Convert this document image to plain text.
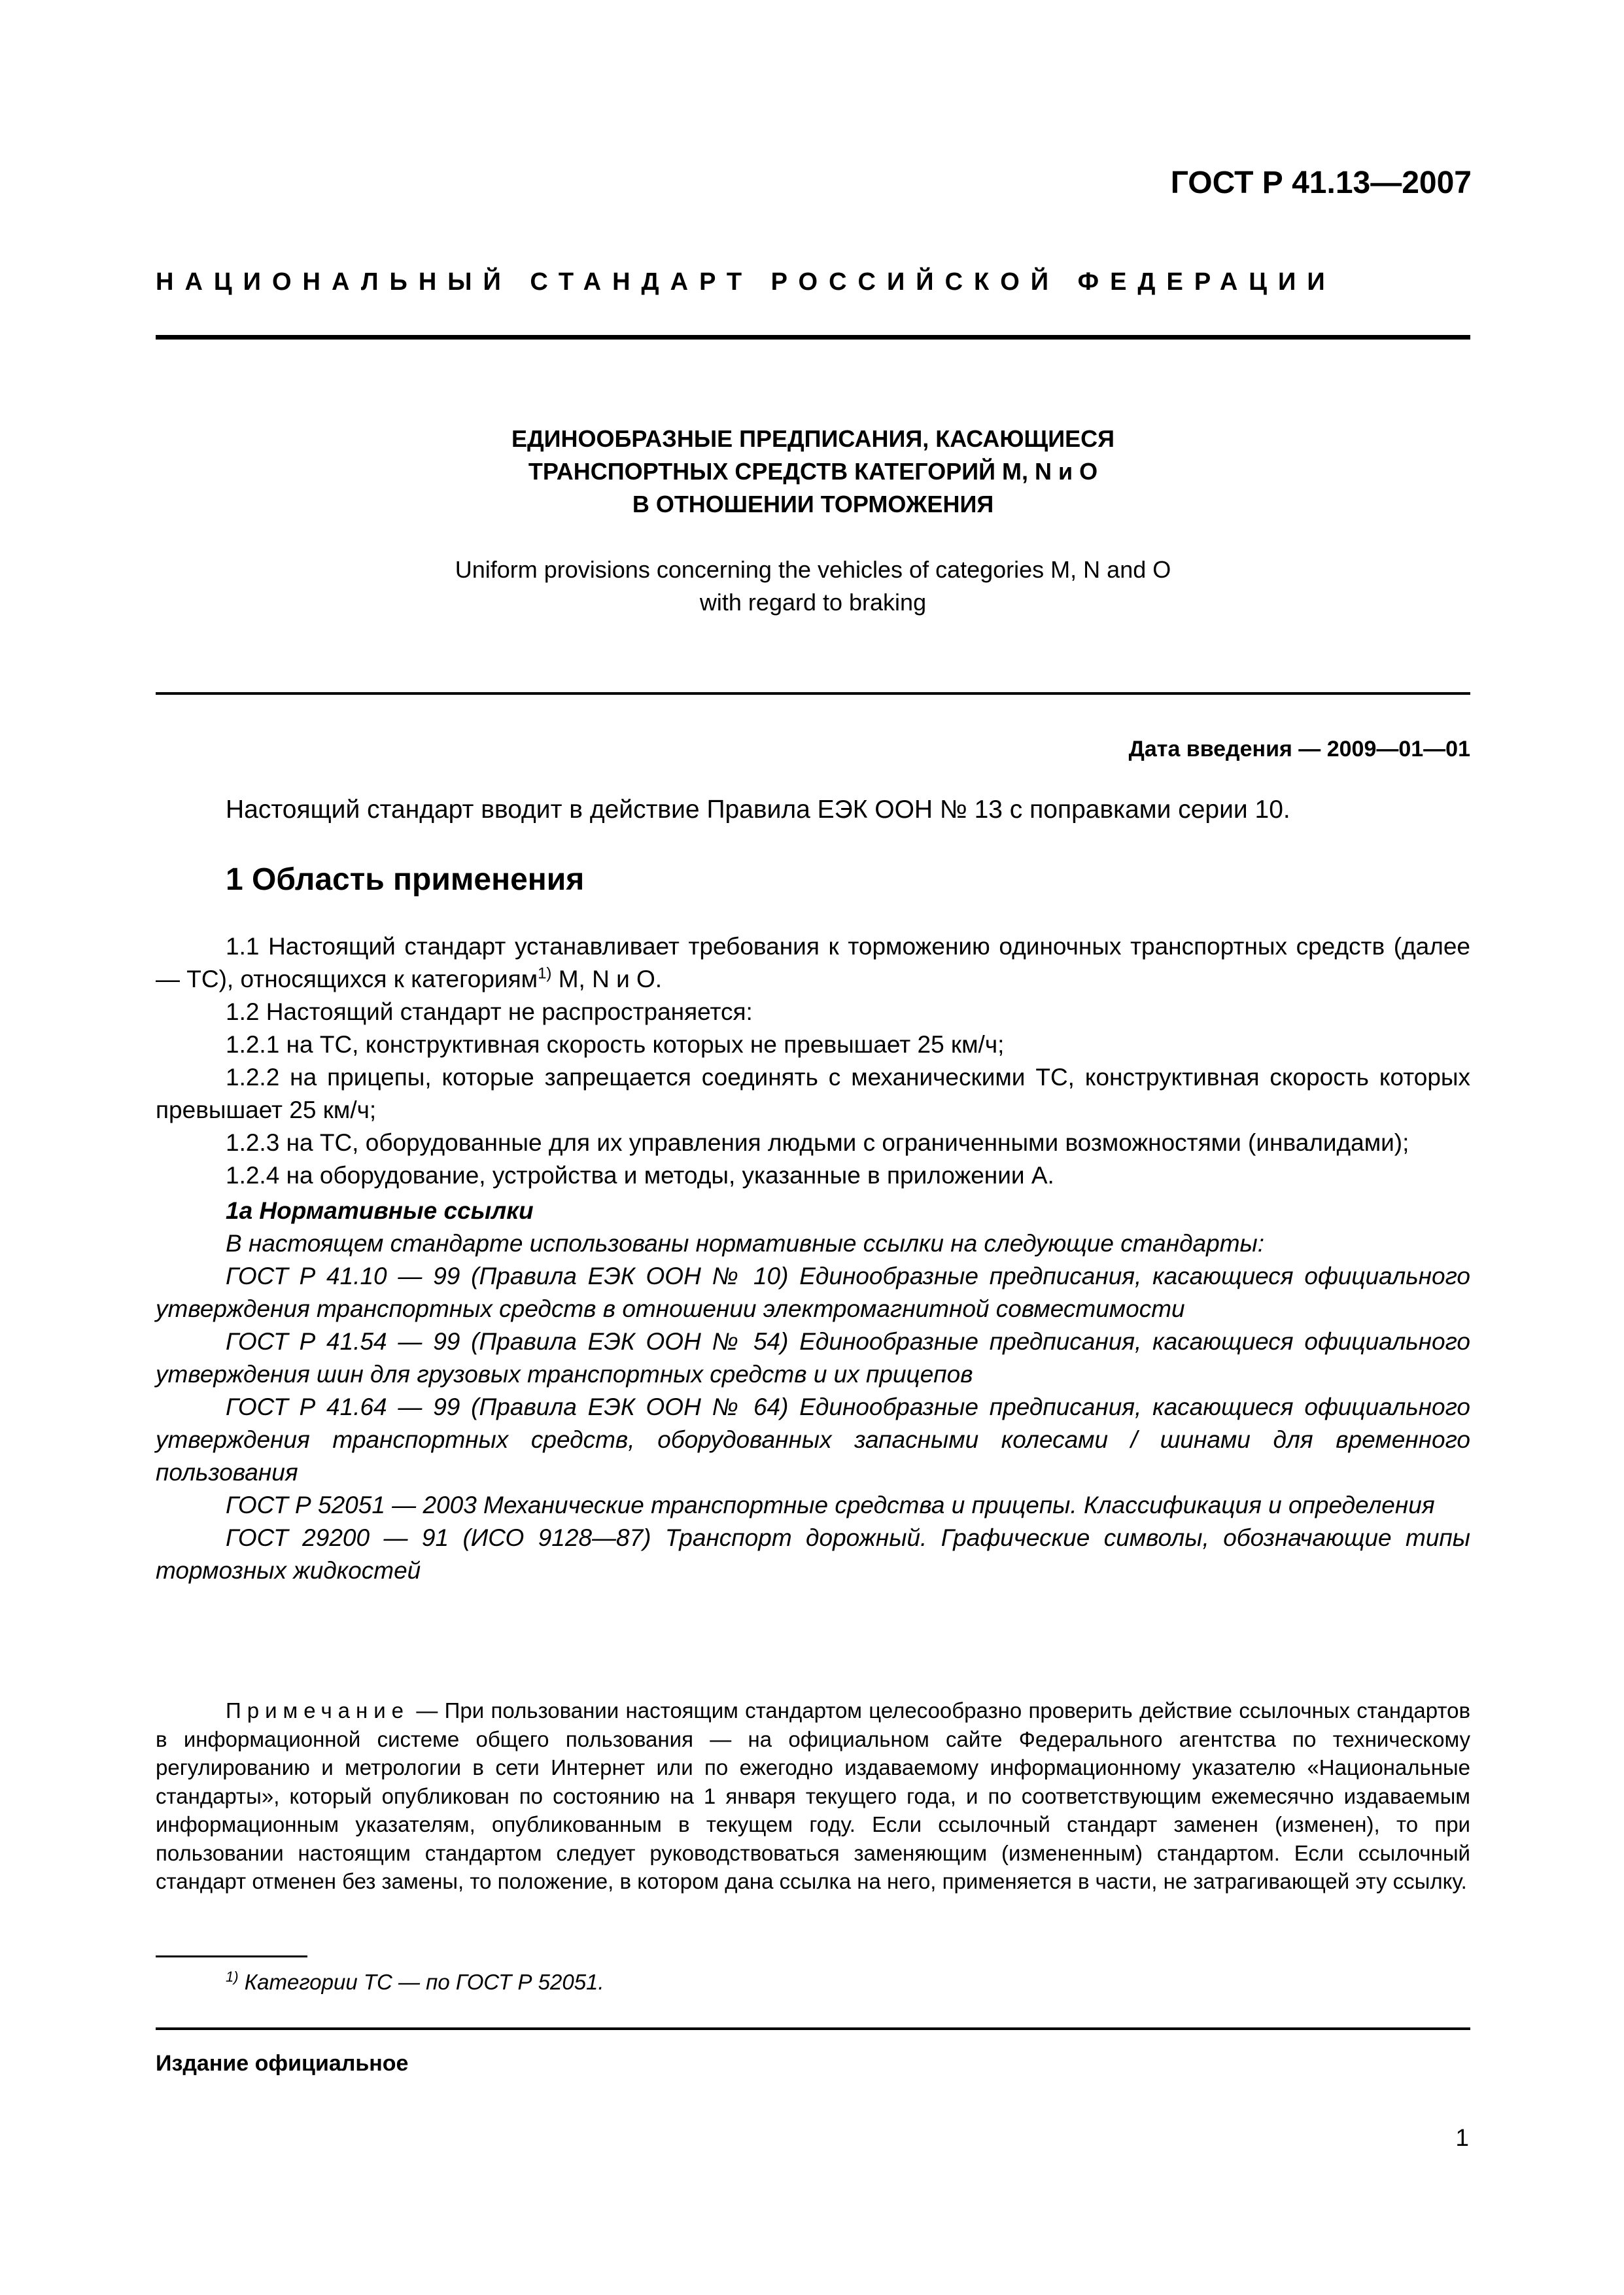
ГОСТ Р 41.13—2007
НАЦИОНАЛЬНЫЙ СТАНДАРТ РОССИЙСКОЙ ФЕДЕРАЦИИ
ЕДИНООБРАЗНЫЕ ПРЕДПИСАНИЯ, КАСАЮЩИЕСЯ
ТРАНСПОРТНЫХ СРЕДСТВ КАТЕГОРИЙ M, N и O
В ОТНОШЕНИИ ТОРМОЖЕНИЯ
Uniform provisions concerning the vehicles of categories M, N and O
with regard to braking
Дата введения — 2009—01—01
Настоящий стандарт вводит в действие Правила ЕЭК ООН № 13 с поправками серии 10.
1 Область применения

1.1 Настоящий стандарт устанавливает требования к торможению одиночных транспортных средств (далее — ТС), относящихся к категориям$^{1)}$ M, N и O.

1.2 Настоящий стандарт не распространяется:

1.2.1 на ТС, конструктивная скорость которых не превышает 25 км/ч;

1.2.2 на прицепы, которые запрещается соединять с механическими ТС, конструктивная скорость которых превышает 25 км/ч;

1.2.3 на ТС, оборудованные для их управления людьми с ограниченными возможностями (инвалидами);

1.2.4 на оборудование, устройства и методы, указанные в приложении А.

1а Нормативные ссылки

В настоящем стандарте использованы нормативные ссылки на следующие стандарты:

ГОСТ Р 41.10 — 99 (Правила ЕЭК ООН № 10) Единообразные предписания, касающиеся официального утверждения транспортных средств в отношении электромагнитной совместимости

ГОСТ Р 41.54 — 99 (Правила ЕЭК ООН № 54) Единообразные предписания, касающиеся официального утверждения шин для грузовых транспортных средств и их прицепов

ГОСТ Р 41.64 — 99 (Правила ЕЭК ООН № 64) Единообразные предписания, касающиеся официального утверждения транспортных средств, оборудованных запасными колесами / шинами для временного пользования

ГОСТ Р 52051 — 2003 Механические транспортные средства и прицепы. Классификация и определения

ГОСТ 29200 — 91 (ИСО 9128—87) Транспорт дорожный. Графические символы, обозначающие типы тормозных жидкостей

Примечание — При пользовании настоящим стандартом целесообразно проверить действие ссылочных стандартов в информационной системе общего пользования — на официальном сайте Федерального агентства по техническому регулированию и метрологии в сети Интернет или по ежегодно издаваемому информационному указателю «Национальные стандарты», который опубликован по состоянию на 1 января текущего года, и по соответствующим ежемесячно издаваемым информационным указателям, опубликованным в текущем году. Если ссылочный стандарт заменен (изменен), то при пользовании настоящим стандартом следует руководствоваться заменяющим (измененным) стандартом. Если ссылочный стандарт отменен без замены, то положение, в котором дана ссылка на него, применяется в части, не затрагивающей эту ссылку.
$^{1)}$ Категории ТС — по ГОСТ Р 52051.
Издание официальное
1
